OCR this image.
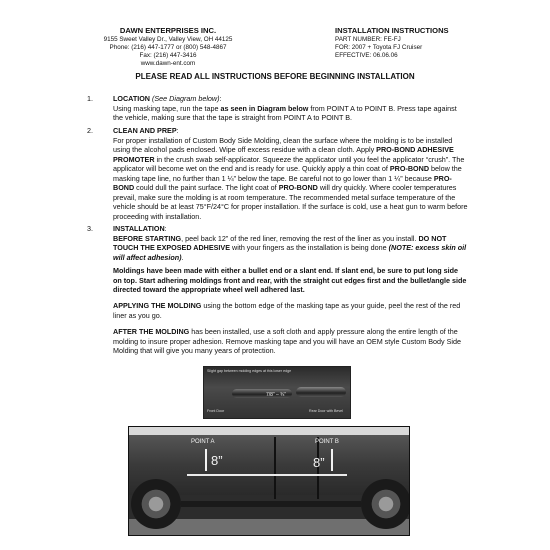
DAWN ENTERPRISES INC.
9155 Sweet Valley Dr., Valley View, OH 44125
Phone: (216) 447-1777 or (800) 548-4867
Fax: (216) 447-3416
www.dawn-ent.com
INSTALLATION INSTRUCTIONS
PART NUMBER: FE-FJ
FOR: 2007 + Toyota FJ Cruiser
EFFECTIVE: 06.06.06
PLEASE READ ALL INSTRUCTIONS BEFORE BEGINNING INSTALLATION
1.	LOCATION (See Diagram below):

Using masking tape, run the tape as seen in Diagram below from POINT A to POINT B. Press tape against the vehicle, making sure that the tape is straight from POINT A to POINT B.

2.	CLEAN AND PREP:

For proper installation of Custom Body Side Molding, clean the surface where the molding is to be installed using the alcohol pads enclosed. Wipe off excess residue with a clean cloth. Apply PRO-BOND ADHESIVE PROMOTER in the crush swab self-applicator. Squeeze the applicator until you feel the applicator “crush”. The applicator will become wet on the end and is ready for use. Quickly apply a thin coat of PRO-BOND below the masking tape line, no further than 1 ¼” below the tape. Be careful not to go lower than 1 ¼” because PRO-BOND could dull the paint surface. The light coat of PRO-BOND will dry quickly. Where cooler temperatures prevail, make sure the molding is at room temperature. The recommended metal surface temperature of the vehicle should be at least 75°F/24°C for proper installation. If the surface is cold, use a heat gun to warm before proceeding with installation.

3.	INSTALLATION:

BEFORE STARTING, peel back 12” of the red liner, removing the rest of the liner as you install. DO NOT TOUCH THE EXPOSED ADHESIVE with your fingers as the installation is being done (NOTE: excess skin oil will affect adhesion).

Moldings have been made with either a bullet end or a slant end. If slant end, be sure to put long side on top. Start adhering moldings front and rear, with the straight cut edges first and the bullet/angle side directed toward the appropriate wheel well adhered last.

APPLYING THE MOLDING using the bottom edge of the masking tape as your guide, peel the rest of the red liner as you go.

AFTER THE MOLDING has been installed, use a soft cloth and apply pressure along the entire length of the molding to insure proper adhesion. Remove masking tape and you will have an OEM style Custom Body Side Molding that will give you many years of protection.

Slight gap between molding edges at this lower edge
7/8” – ¾”
Front Door	Rear Door with Bevel
POINT A	POINT B
8”	8”
